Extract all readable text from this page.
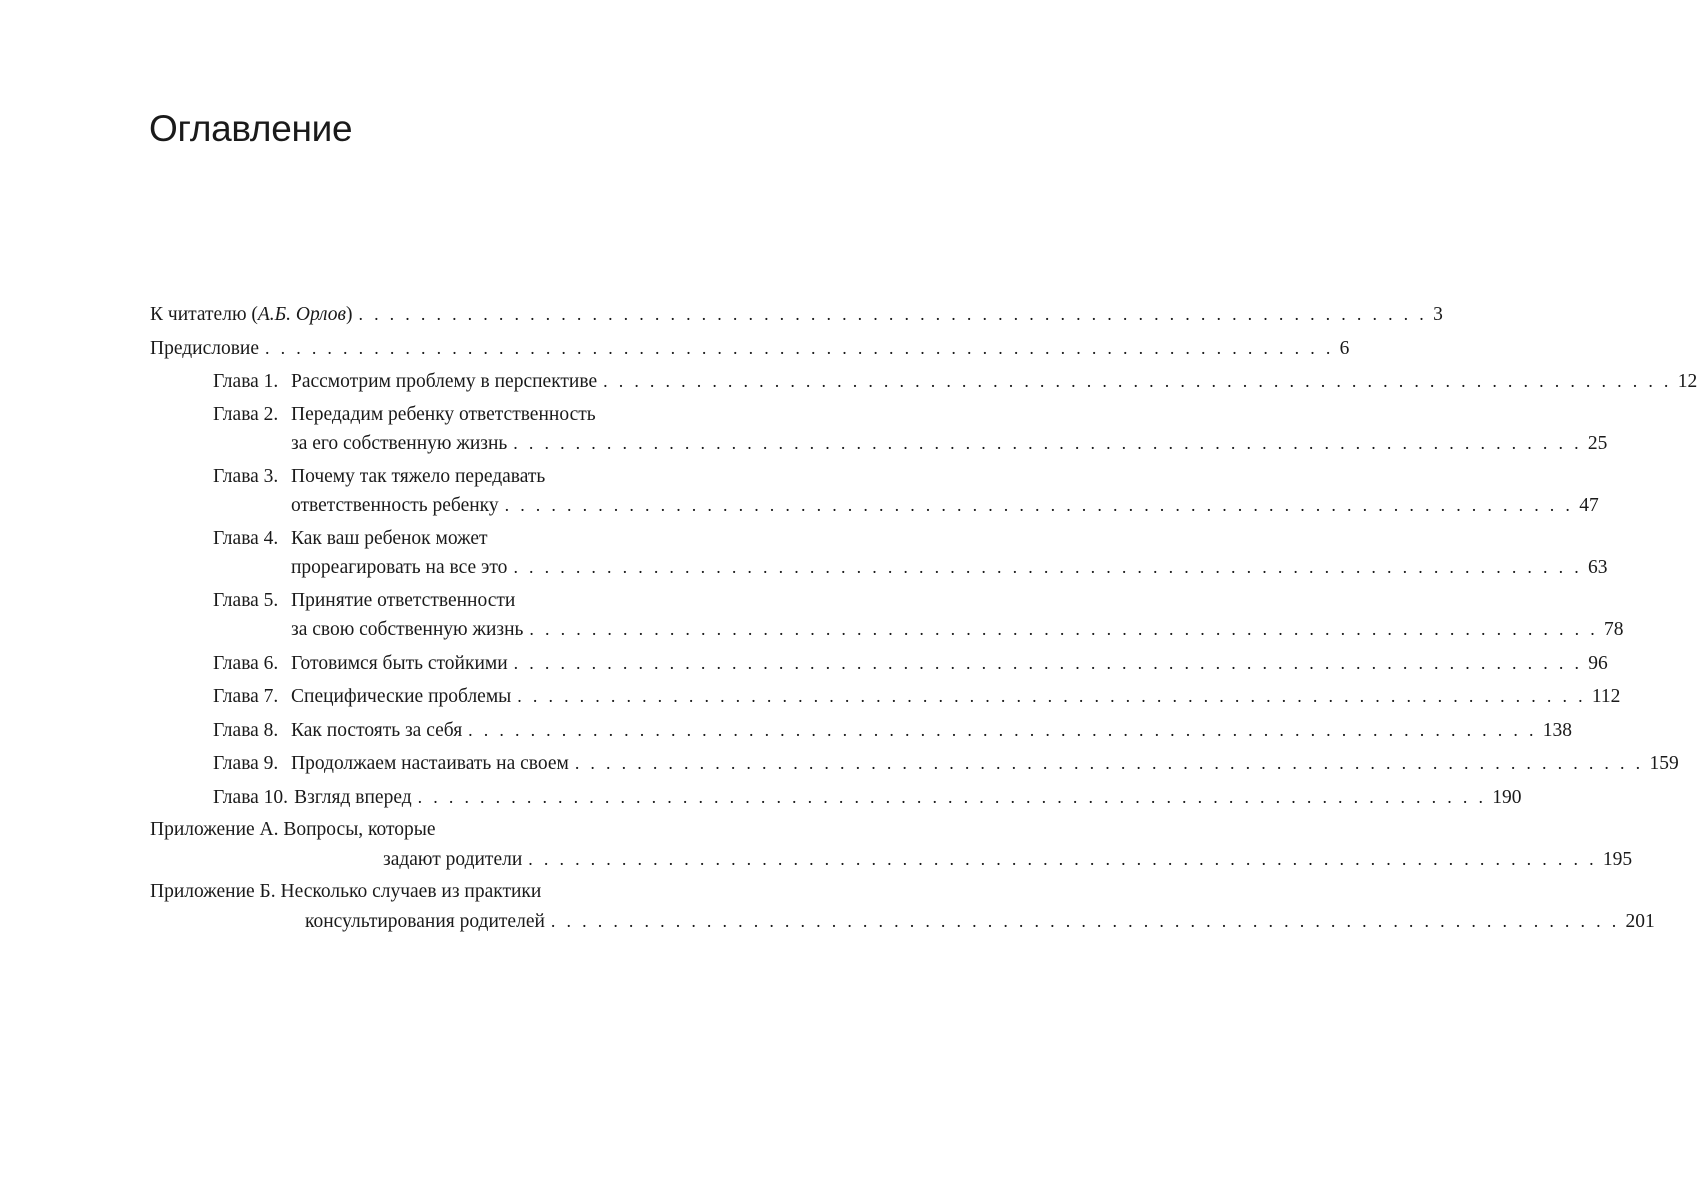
Оглавление
К читателю (А.Б. Орлов) . . . . . . . . . . . . . . . . . . . . . . . . . . . . . . . . . . . . . . . . . . . . . . . . . . . . . . . . . . . . . . . . . . . . . 3
Предисловие . . . . . . . . . . . . . . . . . . . . . . . . . . . . . . . . . . . . . . . . . . . . . . . . . . . . . . . . . . . . . . . . . . . . . 6
Глава 1. Рассмотрим проблему в перспективе . . . . . . . . . . . . . . . . . . . . . . . . . . . . . . . . . . . . . . . . . . . . . . . . . . . . . . . . . . . . . . . . . . . . . 12
Глава 2. Передадим ребенку ответственность
за его собственную жизнь . . . . . . . . . . . . . . . . . . . . . . . . . . . . . . . . . . . . . . . . . . . . . . . . . . . . . . . . . . . . . . . . . . . . . 25
Глава 3. Почему так тяжело передавать
ответственность ребенку . . . . . . . . . . . . . . . . . . . . . . . . . . . . . . . . . . . . . . . . . . . . . . . . . . . . . . . . . . . . . . . . . . . . . 47
Глава 4. Как ваш ребенок может
прореагировать на все это . . . . . . . . . . . . . . . . . . . . . . . . . . . . . . . . . . . . . . . . . . . . . . . . . . . . . . . . . . . . . . . . . . . . . 63
Глава 5. Принятие ответственности
за свою собственную жизнь . . . . . . . . . . . . . . . . . . . . . . . . . . . . . . . . . . . . . . . . . . . . . . . . . . . . . . . . . . . . . . . . . . . . . 78
Глава 6. Готовимся быть стойкими . . . . . . . . . . . . . . . . . . . . . . . . . . . . . . . . . . . . . . . . . . . . . . . . . . . . . . . . . . . . . . . . . . . . . 96
Глава 7. Специфические проблемы . . . . . . . . . . . . . . . . . . . . . . . . . . . . . . . . . . . . . . . . . . . . . . . . . . . . . . . . . . . . . . . . . . . . . 112
Глава 8. Как постоять за себя . . . . . . . . . . . . . . . . . . . . . . . . . . . . . . . . . . . . . . . . . . . . . . . . . . . . . . . . . . . . . . . . . . . . . 138
Глава 9. Продолжаем настаивать на своем . . . . . . . . . . . . . . . . . . . . . . . . . . . . . . . . . . . . . . . . . . . . . . . . . . . . . . . . . . . . . . . . . . . . . 159
Глава 10. Взгляд вперед . . . . . . . . . . . . . . . . . . . . . . . . . . . . . . . . . . . . . . . . . . . . . . . . . . . . . . . . . . . . . . . . . . . . . 190
Приложение А. Вопросы, которые
задают родители . . . . . . . . . . . . . . . . . . . . . . . . . . . . . . . . . . . . . . . . . . . . . . . . . . . . . . . . . . . . . . . . . . . . . 195
Приложение Б. Несколько случаев из практики
консультирования родителей . . . . . . . . . . . . . . . . . . . . . . . . . . . . . . . . . . . . . . . . . . . . . . . . . . . . . . . . . . . . . . . . . . . . . 201
